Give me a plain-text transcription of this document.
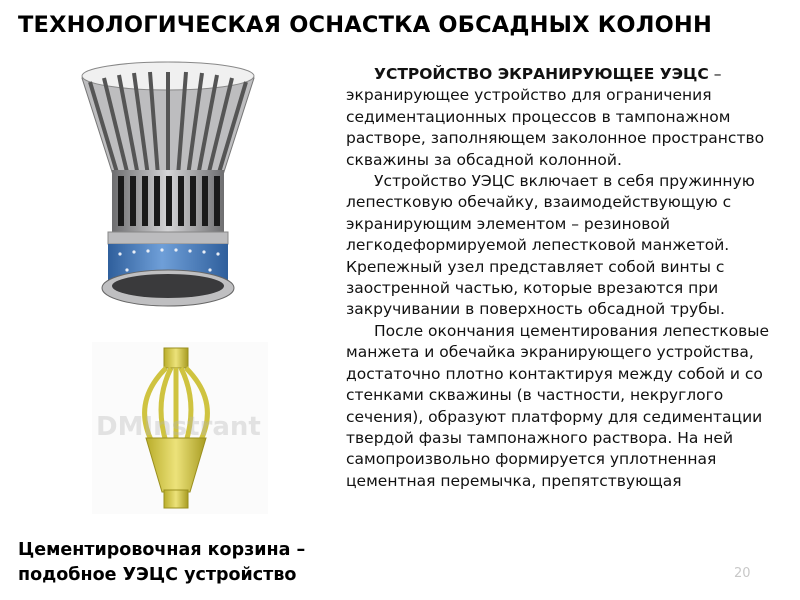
ТЕХНОЛОГИЧЕСКАЯ ОСНАСТКА ОБСАДНЫХ КОЛОНН
DMInstrant
Цементировочная корзина – подобное УЭЦС устройство

УСТРОЙСТВО ЭКРАНИРУЮЩЕЕ УЭЦС – экранирующее устройство для ограничения седиментационных процессов в тампонажном растворе, заполняющем заколонное пространство скважины за обсадной колонной.

Устройство УЭЦС включает в себя пружинную лепестковую обечайку, взаимодействующую с экранирующим элементом – резиновой легкодеформируемой лепестковой манжетой. Крепежный узел представляет собой винты с заостренной частью, которые врезаются при закручивании в поверхность обсадной трубы.

После окончания цементирования лепестковые манжета и обечайка экранирующего устройства, достаточно плотно контактируя между собой и со стенками скважины (в частности, некруглого сечения), образуют платформу для седиментации твердой фазы тампонажного раствора. На ней самопроизвольно формируется уплотненная цементная перемычка, препятствующая

20
